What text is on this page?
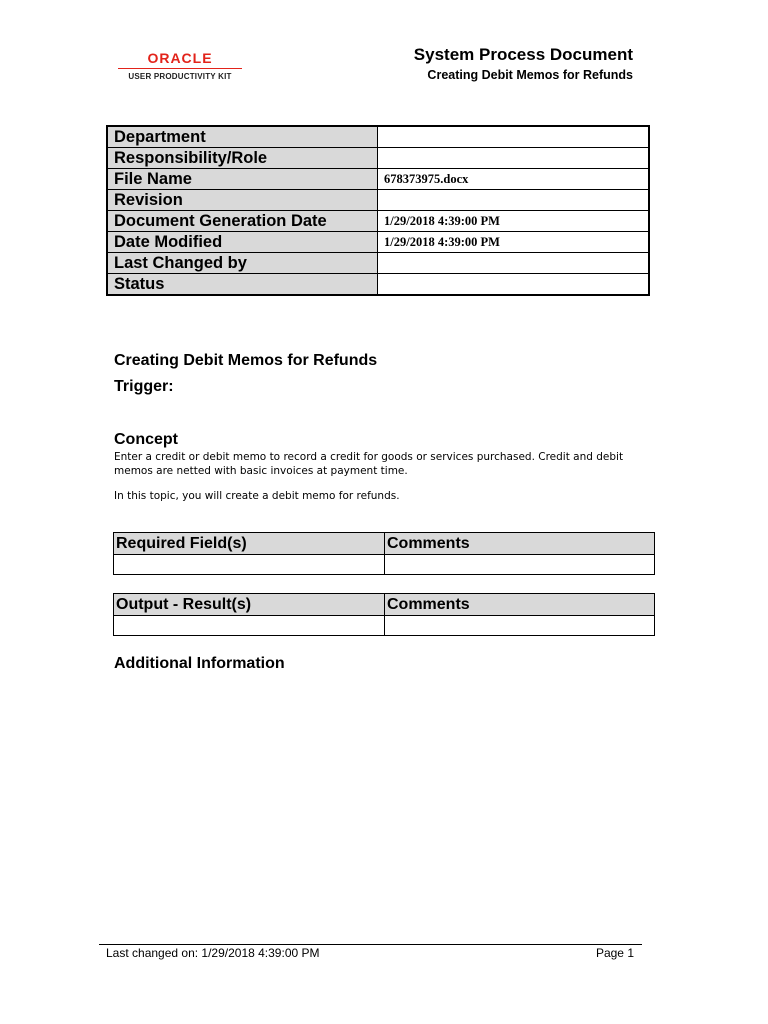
ORACLE
USER PRODUCTIVITY KIT
System Process Document
Creating Debit Memos for Refunds
Department	
Responsibility/Role	
File Name	678373975.docx
Revision	
Document Generation Date	1/29/2018 4:39:00 PM
Date Modified	1/29/2018 4:39:00 PM
Last Changed by	
Status	
Creating Debit Memos for Refunds
Trigger:
Concept
Enter a credit or debit memo to record a credit for goods or services purchased. Credit and debit memos are netted with basic invoices at payment time.
In this topic, you will create a debit memo for refunds.
Required Field(s)	Comments

Output - Result(s)	Comments

Additional Information
Last changed on: 1/29/2018 4:39:00 PM	Page 1
